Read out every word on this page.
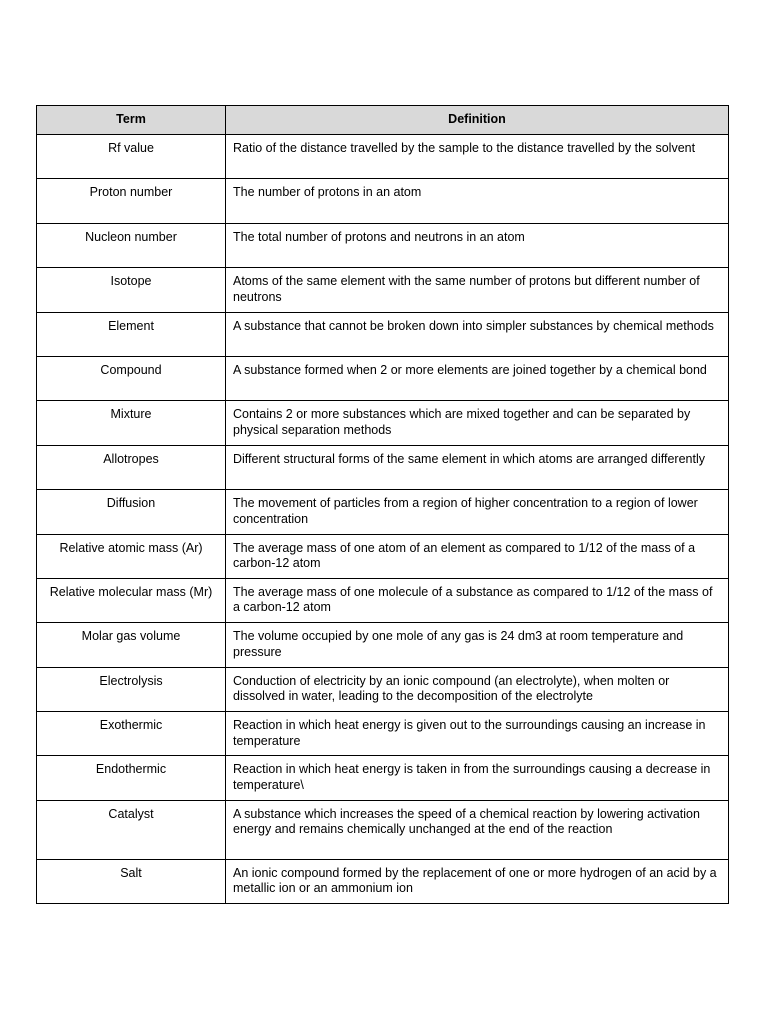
Term	Definition
Rf value	Ratio of the distance travelled by the sample to the distance travelled by the solvent
Proton number	The number of protons in an atom
Nucleon number	The total number of protons and neutrons in an atom
Isotope	Atoms of the same element with the same number of protons but different number of neutrons
Element	A substance that cannot be broken down into simpler substances by chemical methods
Compound	A substance formed when 2 or more elements are joined together by a chemical bond
Mixture	Contains 2 or more substances which are mixed together and can be separated by physical separation methods
Allotropes	Different structural forms of the same element in which atoms are arranged differently
Diffusion	The movement of particles from a region of higher concentration to a region of lower concentration
Relative atomic mass (Ar)	The average mass of one atom of an element as compared to 1/12 of the mass of a carbon-12 atom
Relative molecular mass (Mr)	The average mass of one molecule of a substance as compared to 1/12 of the mass of a carbon-12 atom
Molar gas volume	The volume occupied by one mole of any gas is 24 dm3 at room temperature and pressure
Electrolysis	Conduction of electricity by an ionic compound (an electrolyte), when molten or dissolved in water, leading to the decomposition of the electrolyte
Exothermic	Reaction in which heat energy is given out to the surroundings causing an increase in temperature
Endothermic	Reaction in which heat energy is taken in from the surroundings causing a decrease in temperature\
Catalyst	A substance which increases the speed of a chemical reaction by lowering activation energy and remains chemically unchanged at the end of the reaction
Salt	An ionic compound formed by the replacement of one or more hydrogen of an acid by a metallic ion or an ammonium ion
